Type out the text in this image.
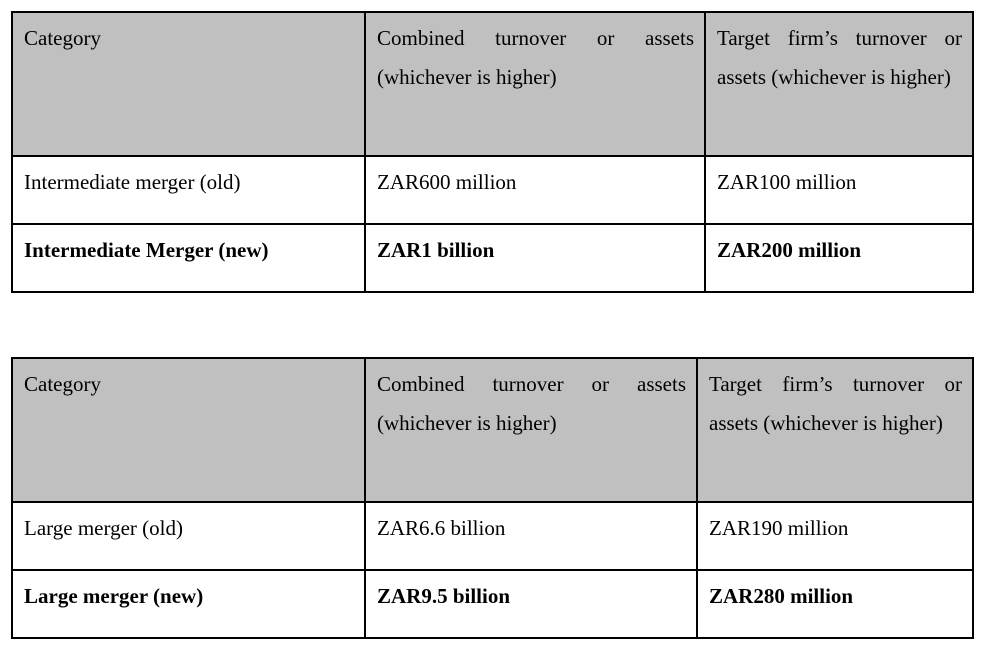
Category	Combined turnover or assets (whichever is higher)	Target firm’s turnover or assets (whichever is higher)
Intermediate merger (old)	ZAR600 million	ZAR100 million
Intermediate Merger (new)	ZAR1 billion	ZAR200 million
Category	Combined turnover or assets (whichever is higher)	Target firm’s turnover or assets (whichever is higher)
Large merger (old)	ZAR6.6 billion	ZAR190 million
Large merger (new)	ZAR9.5 billion	ZAR280 million
